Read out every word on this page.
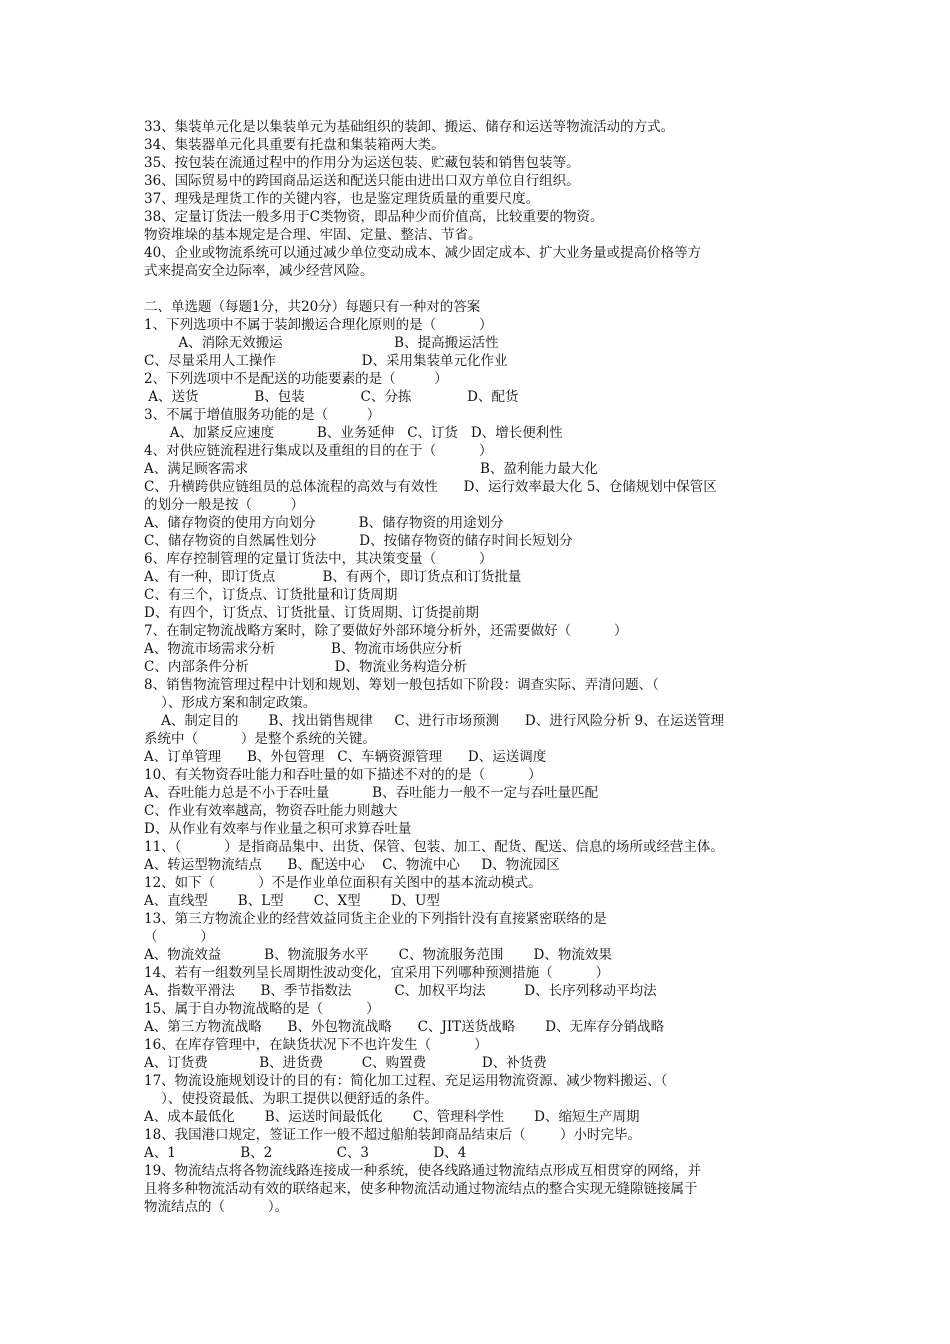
33、集装单元化是以集装单元为基础组织的装卸、搬运、储存和运送等物流活动的方式。
34、集装器单元化具重要有托盘和集装箱两大类。
35、按包装在流通过程中的作用分为运送包装、贮藏包装和销售包装等。
36、国际贸易中的跨国商品运送和配送只能由进出口双方单位自行组织。
37、理残是理货工作的关键内容，也是鉴定理货质量的重要尺度。
38、定量订货法一般多用于C类物资，即品种少而价值高，比较重要的物资。
物资堆垛的基本规定是合理、牢固、定量、整洁、节省。
40、企业或物流系统可以通过减少单位变动成本、减少固定成本、扩大业务量或提高价格等方
式来提高安全边际率，减少经营风险。
二、单选题（每题1分，共20分）每题只有一种对的答案
1、下列选项中不属于装卸搬运合理化原则的是（          ）
A、消除无效搬运                          B、提高搬运活性
C、尽量采用人工操作                    D、采用集装单元化作业
2、下列选项中不是配送的功能要素的是（         ）
A、送货             B、包装             C、分拣             D、配货
3、不属于增值服务功能的是（         ）
A、加紧反应速度          B、业务延伸   C、订货   D、增长便利性
4、对供应链流程进行集成以及重组的目的在于（          ）
A、满足顾客需求                                                      B、盈利能力最大化
C、升横跨供应链组员的总体流程的高效与有效性      D、运行效率最大化 5、仓储规划中保管区
的划分一般是按（         ）
A、储存物资的使用方向划分          B、储存物资的用途划分
C、储存物资的自然属性划分          D、按储存物资的储存时间长短划分
6、库存控制管理的定量订货法中，其决策变量（          ）
A、有一种，即订货点           B、有两个，即订货点和订货批量
C、有三个，订货点、订货批量和订货周期
D、有四个，订货点、订货批量、订货周期、订货提前期
7、在制定物流战略方案时，除了要做好外部环境分析外，还需要做好（          ）
A、物流市场需求分析             B、物流市场供应分析
C、内部条件分析                    D、物流业务构造分析
8、销售物流管理过程中计划和规划、筹划一般包括如下阶段：调查实际、弄清问题、（
）、形成方案和制定政策。
A、制定目的       B、找出销售规律     C、进行市场预测      D、进行风险分析 9、在运送管理
系统中（          ）是整个系统的关键。
A、订单管理      B、外包管理   C、车辆资源管理      D、运送调度
10、有关物资吞吐能力和吞吐量的如下描述不对的的是（          ）
A、吞吐能力总是不小于吞吐量          B、吞吐能力一般不一定与吞吐量匹配
C、作业有效率越高，物资吞吐能力则越大
D、从作业有效率与作业量之积可求算吞吐量
11、（          ）是指商品集中、出货、保管、包装、加工、配货、配送、信息的场所或经营主体。
A、转运型物流结点      B、配送中心    C、物流中心     D、物流园区
12、如下（          ）不是作业单位面积有关图中的基本流动模式。
A、直线型       B、L型       C、X型       D、U型
13、第三方物流企业的经营效益同货主企业的下列指针没有直接紧密联络的是
（          ）
A、物流效益          B、物流服务水平       C、物流服务范围       D、物流效果
14、若有一组数列呈长周期性波动变化，宜采用下列哪种预测措施（          ）
A、指数平滑法      B、季节指数法          C、加权平均法         D、长序列移动平均法
15、属于自办物流战略的是（          ）
A、第三方物流战略      B、外包物流战略      C、JIT送货战略       D、无库存分销战略
16、在库存管理中，在缺货状况下不也许发生（          ）
A、订货费            B、进货费         C、购置费             D、补货费
17、物流设施规划设计的目的有：简化加工过程、充足运用物流资源、减少物料搬运、（
）、使投资最低、为职工提供以便舒适的条件。
A、成本最低化       B、运送时间最低化       C、管理科学性       D、缩短生产周期
18、我国港口规定，签证工作一般不超过船舶装卸商品结束后（        ）小时完毕。
A、1               B、2               C、3               D、4
19、物流结点将各物流线路连接成一种系统，使各线路通过物流结点形成互相贯穿的网络，并
且将多种物流活动有效的联络起来，使多种物流活动通过物流结点的整合实现无缝隙链接属于
物流结点的（          ）。
